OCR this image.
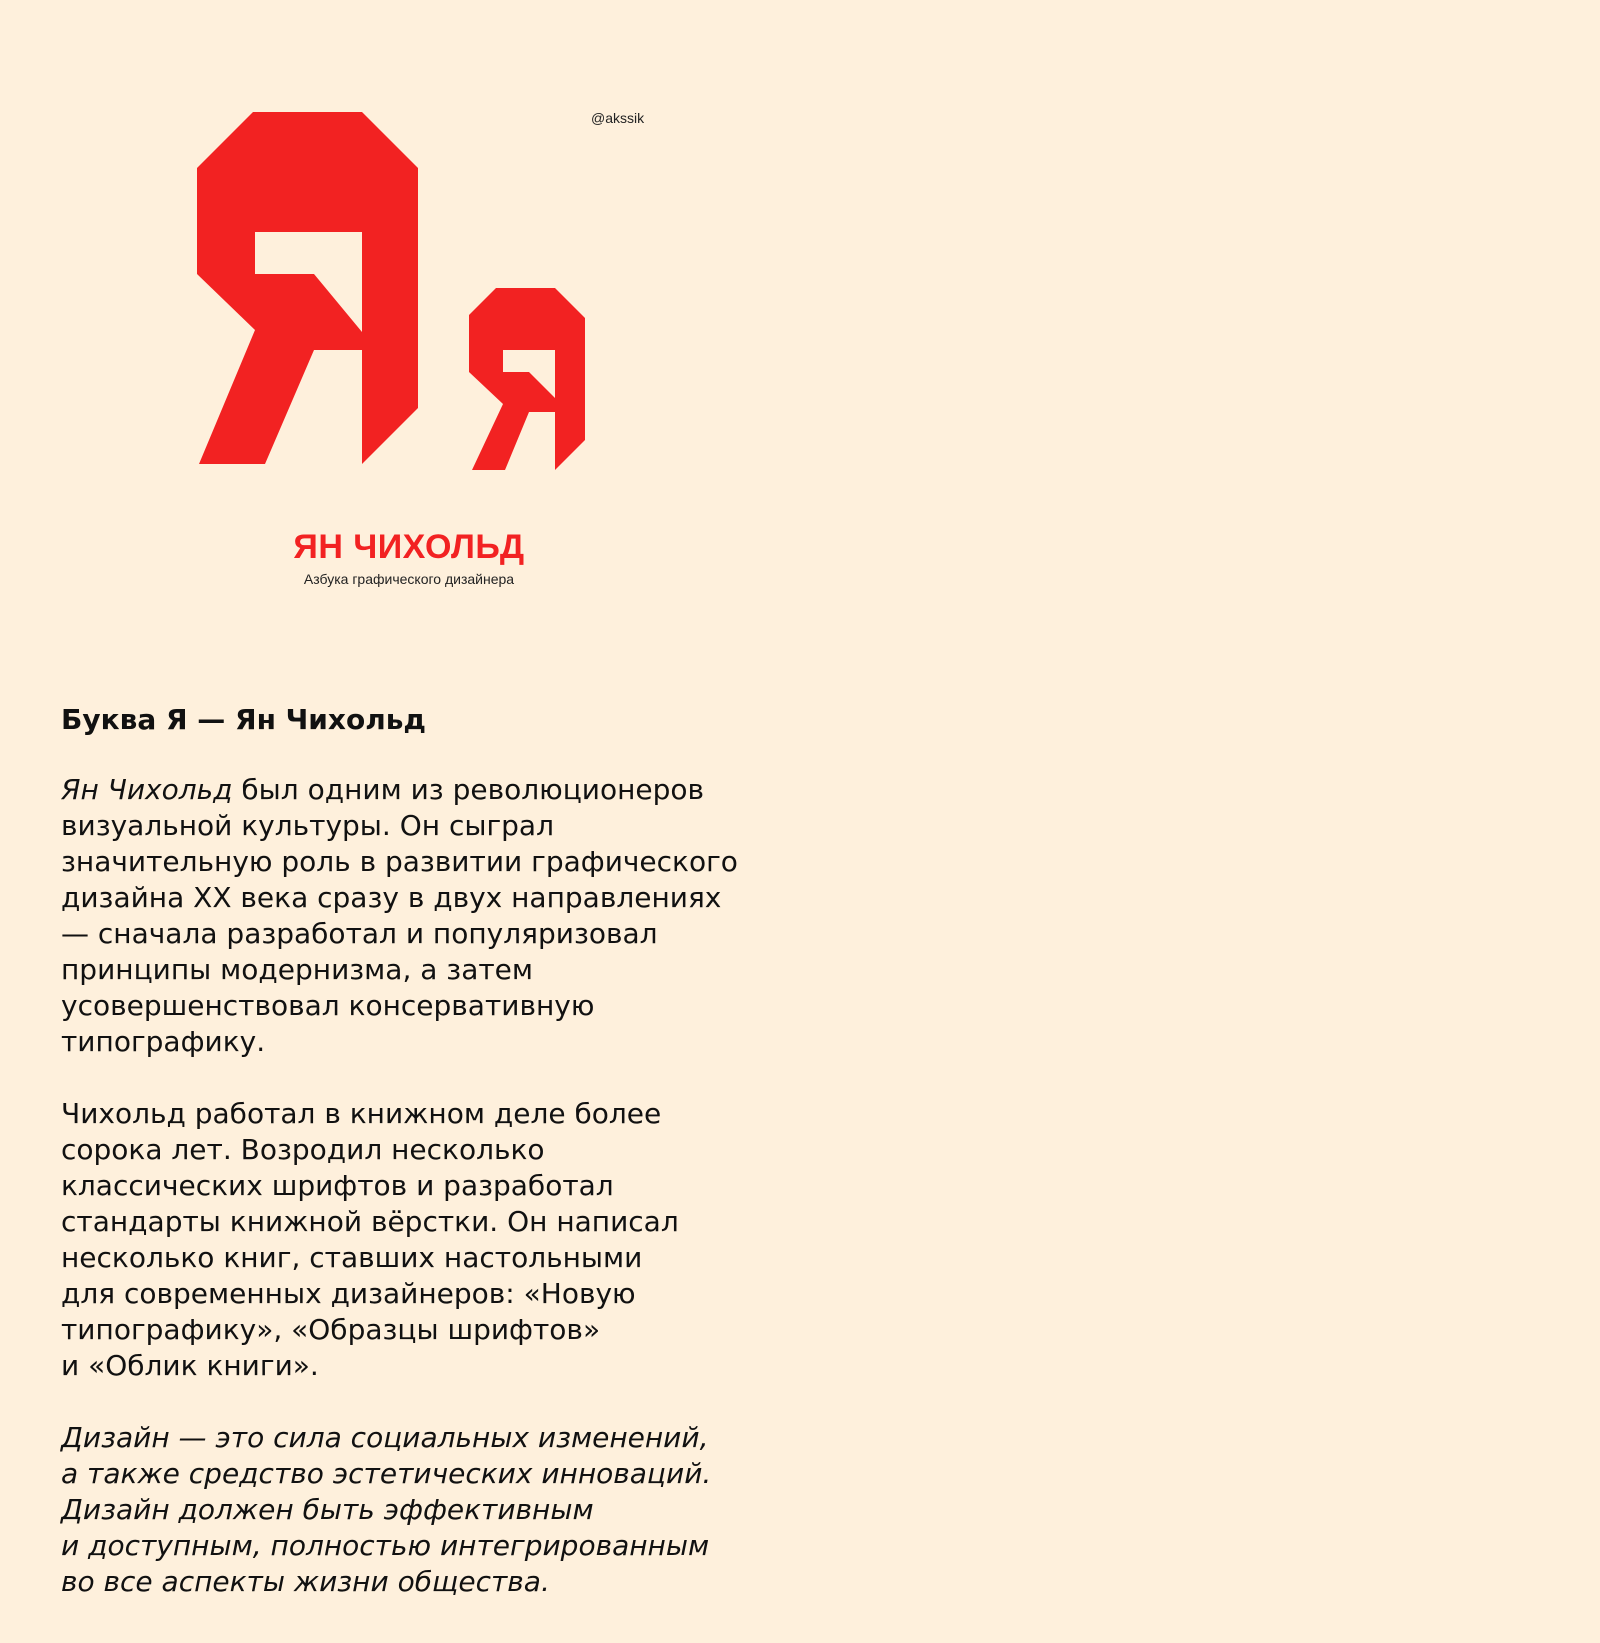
@akssik
ЯН ЧИХОЛЬД
Азбука графического дизайнера
Буква Я — Ян Чихольд

Ян Чихольд был одним из революционеров
визуальной культуры. Он сыграл
значительную роль в развитии графического
дизайна XX века сразу в двух направлениях
— сначала разработал и популяризовал
принципы модернизма, а затем
усовершенствовал консервативную
типографику.

Чихольд работал в книжном деле более
сорока лет. Возродил несколько
классических шрифтов и разработал
стандарты книжной вёрстки. Он написал
несколько книг, ставших настольными
для современных дизайнеров: «Новую
типографику», «Образцы шрифтов»
и «Облик книги».

Дизайн — это сила социальных изменений,
а также средство эстетических инноваций.
Дизайн должен быть эффективным
и доступным, полностью интегрированным
во все аспекты жизни общества.
